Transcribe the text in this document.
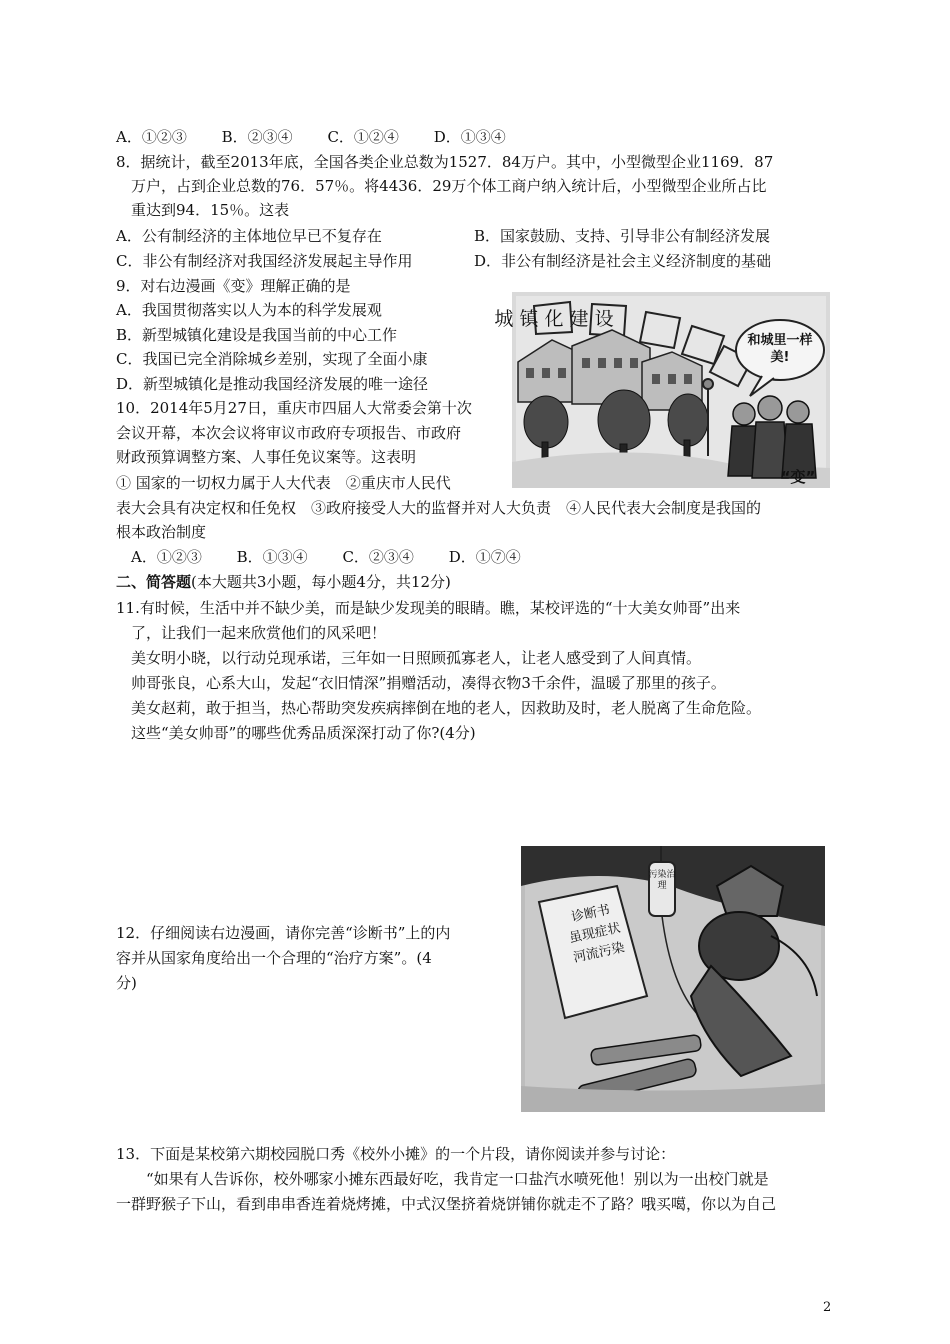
A．①②③ B．②③④ C．①②④ D．①③④
8．据统计，截至2013年底，全国各类企业总数为1527．84万户。其中，小型微型企业1169．87
万户，占到企业总数的76．57％。将4436．29万个体工商户纳入统计后，小型微型企业所占比
重达到94．15％。这表
A．公有制经济的主体地位早已不复存在	B．国家鼓励、支持、引导非公有制经济发展
C．非公有制经济对我国经济发展起主导作用	D．非公有制经济是社会主义经济制度的基础
9．对右边漫画《变》理解正确的是
A．我国贯彻落实以人为本的科学发展观
B．新型城镇化建设是我国当前的中心工作
C．我国已完全消除城乡差别，实现了全面小康
D．新型城镇化是推动我国经济发展的唯一途径
城 镇 化 建 设
和城里一样美!
“变”
10．2014年5月27日，重庆市四届人大常委会第十次
会议开幕，本次会议将审议市政府专项报告、市政府
财政预算调整方案、人事任免议案等。这表明
① 国家的一切权力属于人大代表　②重庆市人民代
表大会具有决定权和任免权　③政府接受人大的监督并对人大负责　④人民代表大会制度是我国的
根本政治制度
A．①②③ B．①③④ C．②③④ D．①⑦④
二、简答题(本大题共3小题，每小题4分，共12分)
11.有时候，生活中并不缺少美，而是缺少发现美的眼睛。瞧，某校评选的“十大美女帅哥”出来
了，让我们一起来欣赏他们的风采吧！
美女明小晓，以行动兑现承诺，三年如一日照顾孤寡老人，让老人感受到了人间真情。
帅哥张良，心系大山，发起“衣旧情深”捐赠活动，凑得衣物3千余件，温暖了那里的孩子。
美女赵莉，敢于担当，热心帮助突发疾病摔倒在地的老人，因救助及时，老人脱离了生命危险。
这些“美女帅哥”的哪些优秀品质深深打动了你?(4分)
诊断书
虽现症状
河流污染
污染治理
12．仔细阅读右边漫画，请你完善“诊断书”上的内
容并从国家角度给出一个合理的“治疗方案”。(4
分)
13．下面是某校第六期校园脱口秀《校外小摊》的一个片段，请你阅读并参与讨论：
“如果有人告诉你，校外哪家小摊东西最好吃，我肯定一口盐汽水喷死他！别以为一出校门就是
一群野猴子下山，看到串串香连着烧烤摊，中式汉堡挤着烧饼铺你就走不了路？哦买噶，你以为自己
2
